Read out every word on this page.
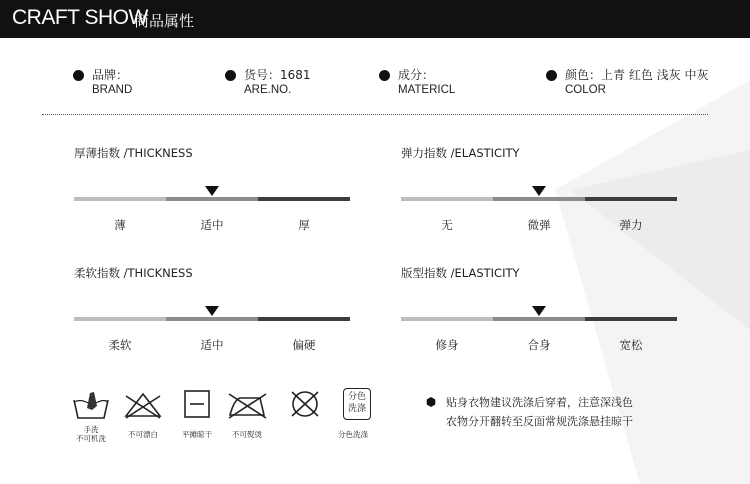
CRAFT SHOW
商品属性
品牌：
BRAND
货号：1681
ARE.NO.
成分：
MATERICL
颜色：上青 红色 浅灰 中灰
COLOR
厚薄指数 /THICKNESS
薄	适中	厚
弹力指数 /ELASTICITY
无	微弹	弹力
柔软指数 /THICKNESS
柔软	适中	偏硬
版型指数 /ELASTICITY
修身	合身	宽松
分色
洗涤
手洗
不可机洗	不可漂白	平摊晾干	不可熨烫	分色洗涤
贴身衣物建议洗涤后穿着，注意深浅色
农物分开翻转至反面常规洗涤悬挂晾干
